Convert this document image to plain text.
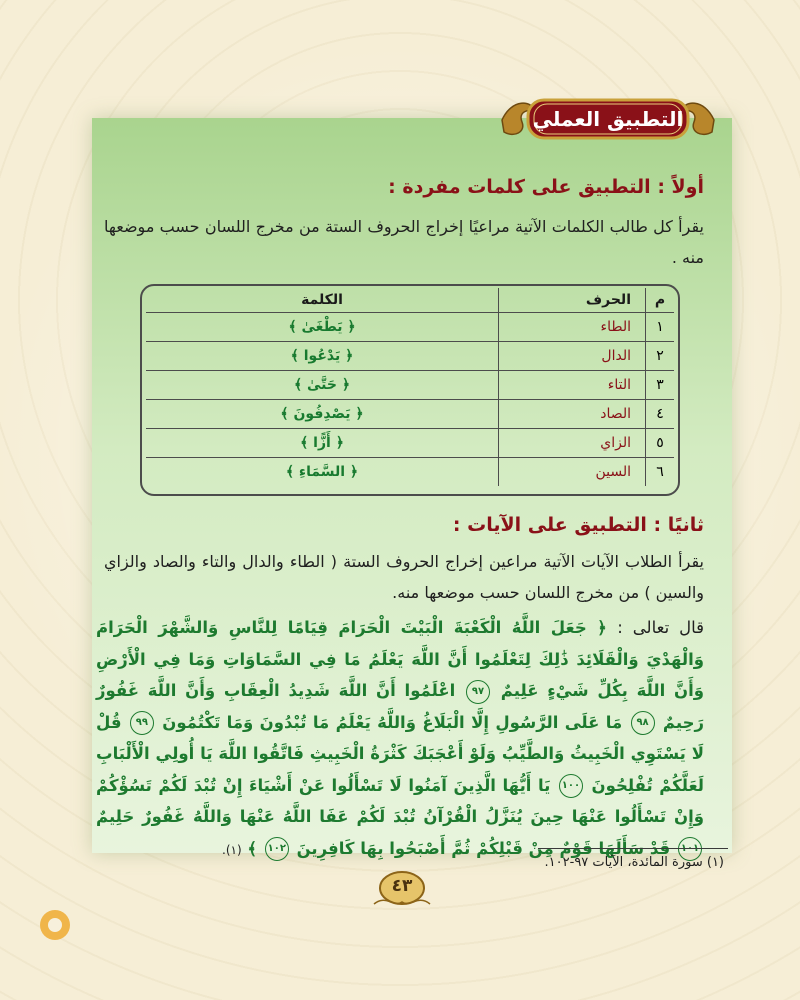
التطبيق العملي
أولاً : التطبيق على كلمات مفردة :
يقرأ كل طالب الكلمات الآتية مراعيًا إخراج الحروف الستة من مخرج اللسان حسب موضعها منه .
م	الحرف	الكلمة
١	الطاء	﴿ يَطْغَىٰ ﴾
٢	الدال	﴿ يَدْعُوا ﴾
٣	التاء	﴿ حَتَّىٰ ﴾
٤	الصاد	﴿ يَصْدِفُونَ ﴾
٥	الزاي	﴿ أَزًّا ﴾
٦	السين	﴿ السَّمَاءِ ﴾
ثانيًا : التطبيق على الآيات :
يقرأ الطلاب الآيات الآتية مراعين إخراج الحروف الستة ( الطاء والدال والتاء والصاد والزاي والسين ) من مخرج اللسان حسب موضعها منه.
قال تعالى : ﴿ جَعَلَ اللَّهُ الْكَعْبَةَ الْبَيْتَ الْحَرَامَ قِيَامًا لِلنَّاسِ وَالشَّهْرَ الْحَرَامَ وَالْهَدْيَ وَالْقَلَائِدَ ذَٰلِكَ لِتَعْلَمُوا أَنَّ اللَّهَ يَعْلَمُ مَا فِي السَّمَاوَاتِ وَمَا فِي الْأَرْضِ وَأَنَّ اللَّهَ بِكُلِّ شَيْءٍ عَلِيمٌ ٩٧ اعْلَمُوا أَنَّ اللَّهَ شَدِيدُ الْعِقَابِ وَأَنَّ اللَّهَ غَفُورٌ رَحِيمٌ ٩٨ مَا عَلَى الرَّسُولِ إِلَّا الْبَلَاغُ وَاللَّهُ يَعْلَمُ مَا تُبْدُونَ وَمَا تَكْتُمُونَ ٩٩ قُلْ لَا يَسْتَوِي الْخَبِيثُ وَالطَّيِّبُ وَلَوْ أَعْجَبَكَ كَثْرَةُ الْخَبِيثِ فَاتَّقُوا اللَّهَ يَا أُولِي الْأَلْبَابِ لَعَلَّكُمْ تُفْلِحُونَ ١٠٠ يَا أَيُّهَا الَّذِينَ آمَنُوا لَا تَسْأَلُوا عَنْ أَشْيَاءَ إِنْ تُبْدَ لَكُمْ تَسُؤْكُمْ وَإِنْ تَسْأَلُوا عَنْهَا حِينَ يُنَزَّلُ الْقُرْآنُ تُبْدَ لَكُمْ عَفَا اللَّهُ عَنْهَا وَاللَّهُ غَفُورٌ حَلِيمٌ ١٠١ قَدْ سَأَلَهَا قَوْمٌ مِنْ قَبْلِكُمْ ثُمَّ أَصْبَحُوا بِهَا كَافِرِينَ ١٠٢ ﴾ (١).
(١) سورة المائدة، الآيات ٩٧-١٠٢.
٤٣
